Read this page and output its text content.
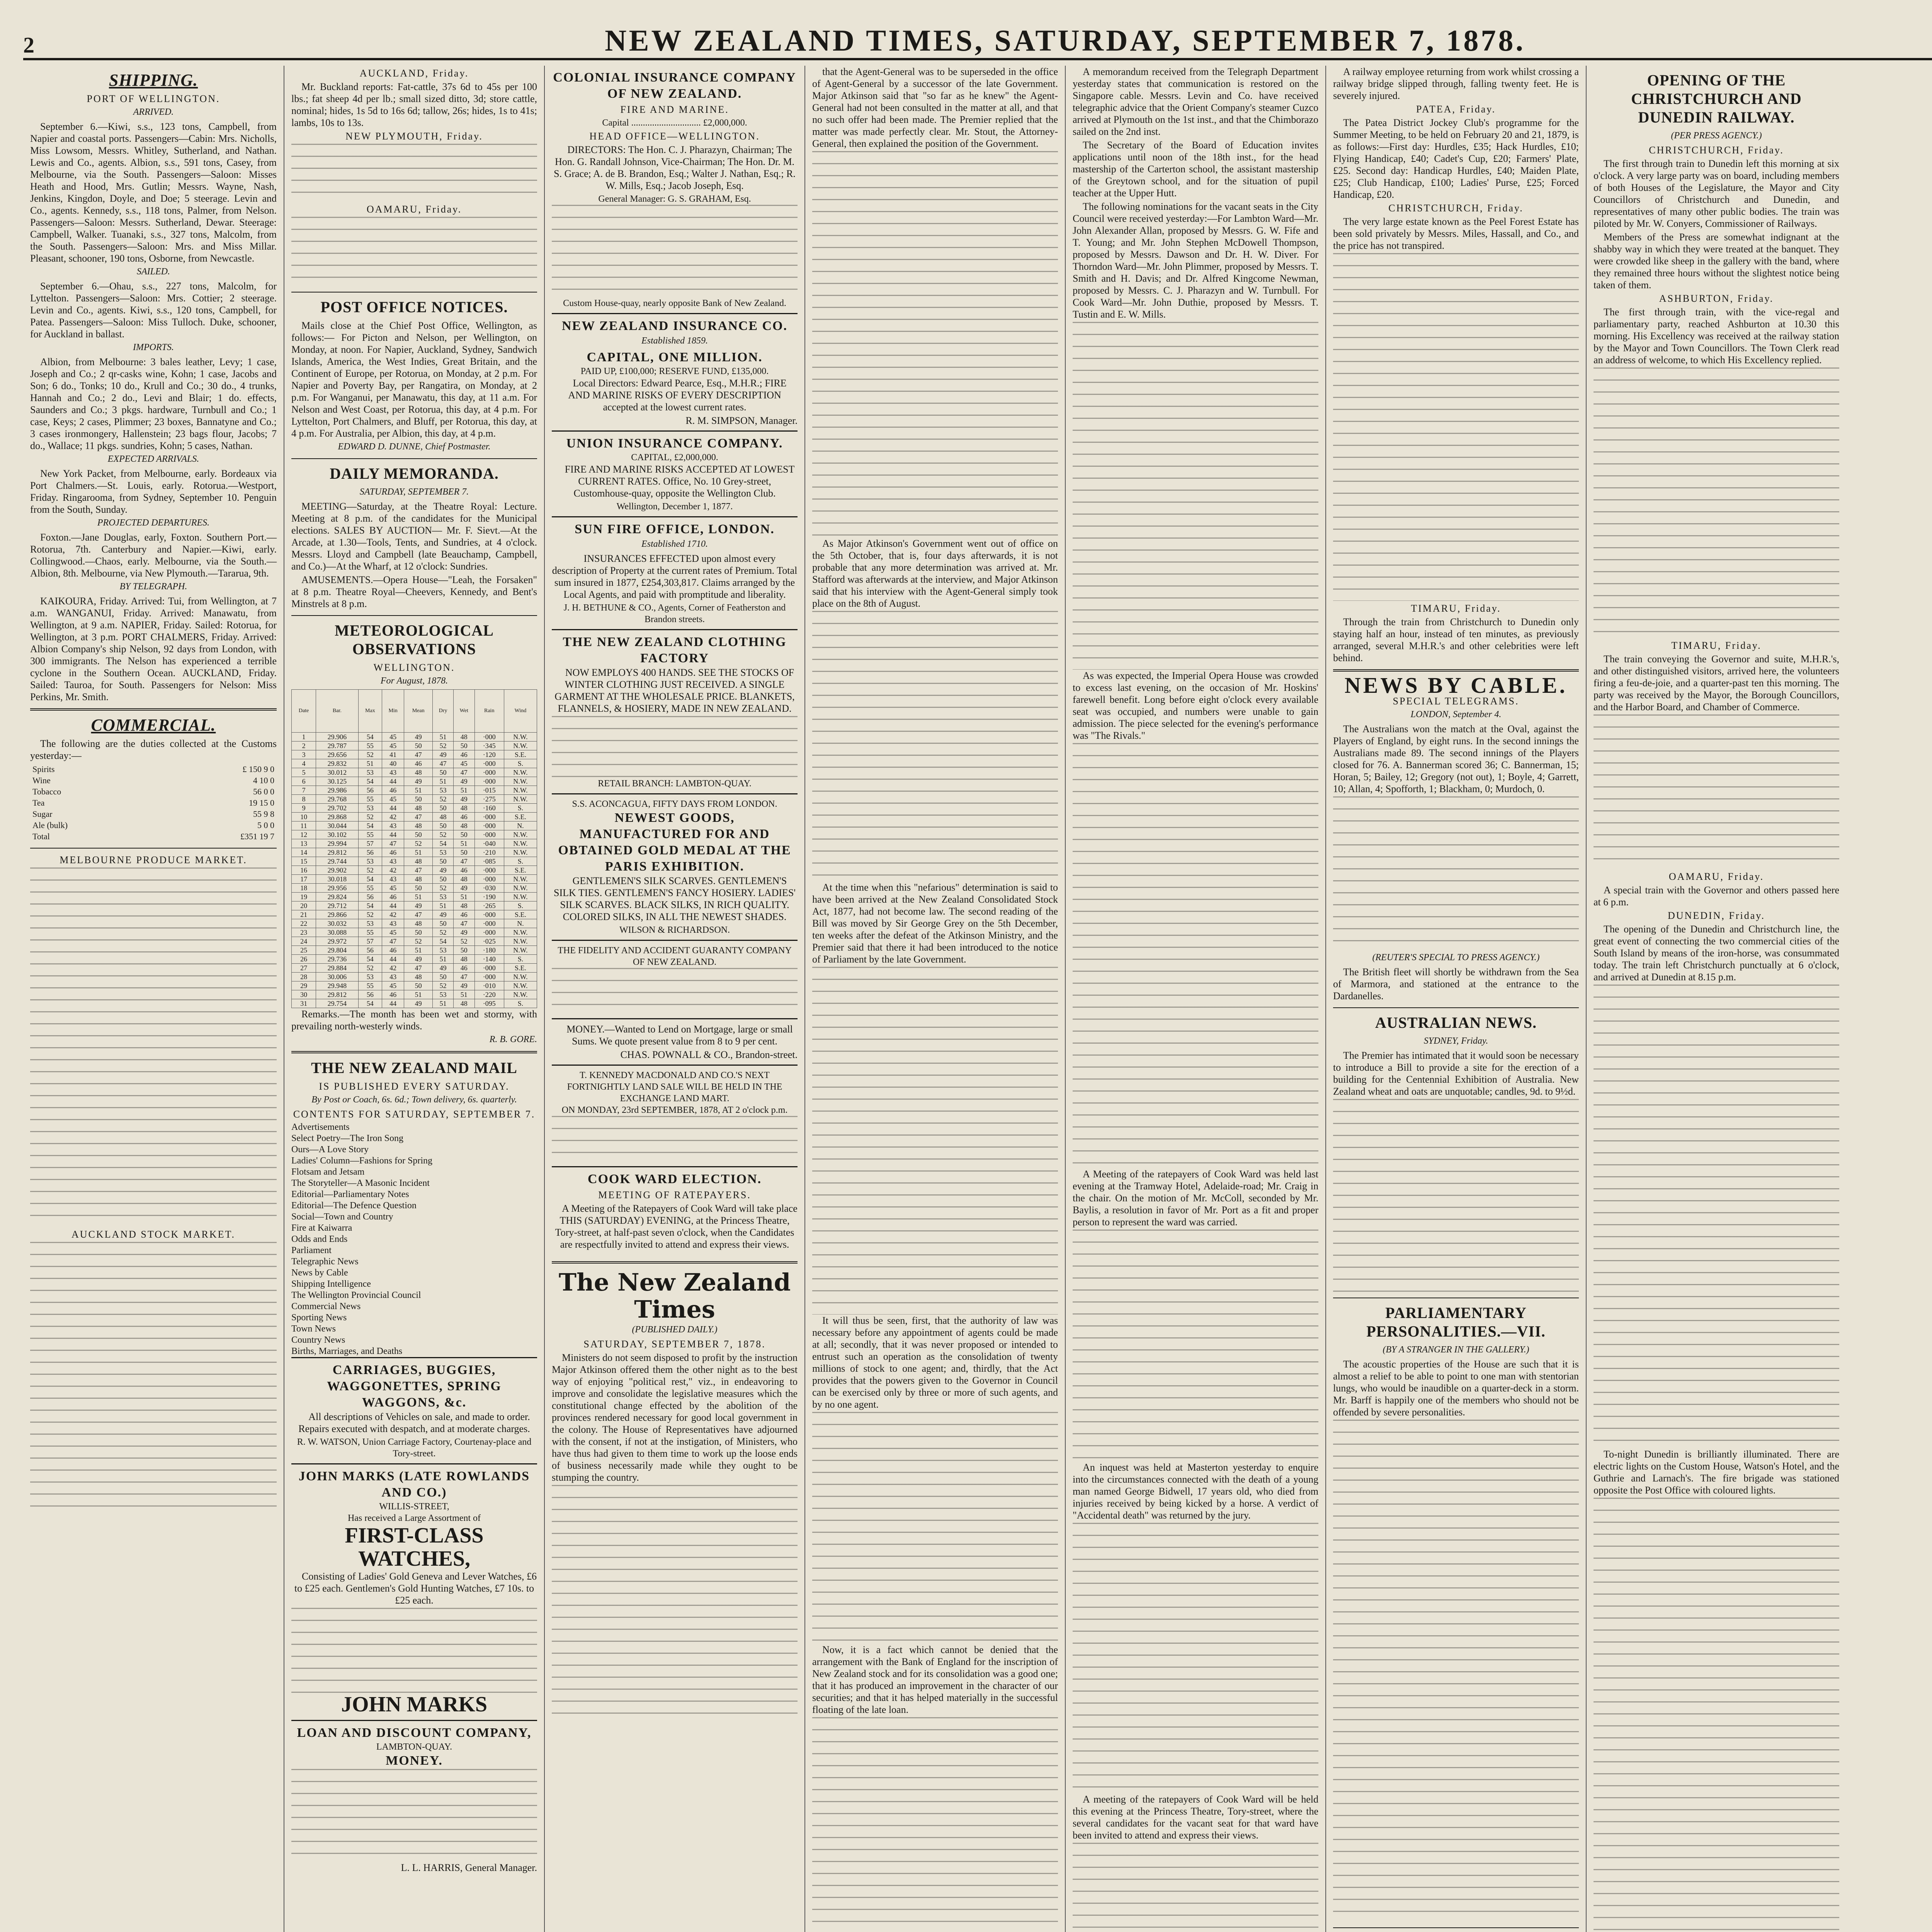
2	NEW ZEALAND TIMES, SATURDAY, SEPTEMBER 7, 1878.
SHIPPING.
PORT OF WELLINGTON.
ARRIVED.

September 6.—Kiwi, s.s., 123 tons, Campbell, from Napier and coastal ports. Passengers—Cabin: Mrs. Nicholls, Miss Lowsom, Messrs. Whitley, Sutherland, and Nathan. Lewis and Co., agents. Albion, s.s., 591 tons, Casey, from Melbourne, via the South. Passengers—Saloon: Misses Heath and Hood, Mrs. Gutlin; Messrs. Wayne, Nash, Jenkins, Kingdon, Doyle, and Doe; 5 steerage. Levin and Co., agents. Kennedy, s.s., 118 tons, Palmer, from Nelson. Passengers—Saloon: Messrs. Sutherland, Dewar. Steerage: Campbell, Walker. Tuanaki, s.s., 327 tons, Malcolm, from the South. Passengers—Saloon: Mrs. and Miss Millar. Pleasant, schooner, 190 tons, Osborne, from Newcastle.

SAILED.

September 6.—Ohau, s.s., 227 tons, Malcolm, for Lyttelton. Passengers—Saloon: Mrs. Cottier; 2 steerage. Levin and Co., agents. Kiwi, s.s., 120 tons, Campbell, for Patea. Passengers—Saloon: Miss Tulloch. Duke, schooner, for Auckland in ballast.

IMPORTS.

Albion, from Melbourne: 3 bales leather, Levy; 1 case, Joseph and Co.; 2 qr-casks wine, Kohn; 1 case, Jacobs and Son; 6 do., Tonks; 10 do., Krull and Co.; 30 do., 4 trunks, Hannah and Co.; 2 do., Levi and Blair; 1 do. effects, Saunders and Co.; 3 pkgs. hardware, Turnbull and Co.; 1 case, Keys; 2 cases, Plimmer; 23 boxes, Bannatyne and Co.; 3 cases ironmongery, Hallenstein; 23 bags flour, Jacobs; 7 do., Wallace; 11 pkgs. sundries, Kohn; 5 cases, Nathan.

EXPECTED ARRIVALS.

New York Packet, from Melbourne, early. Bordeaux via Port Chalmers.—St. Louis, early. Rotorua.—Westport, Friday. Ringarooma, from Sydney, September 10. Penguin from the South, Sunday.

PROJECTED DEPARTURES.

Foxton.—Jane Douglas, early, Foxton. Southern Port.—Rotorua, 7th. Canterbury and Napier.—Kiwi, early. Collingwood.—Chaos, early. Melbourne, via the South.—Albion, 8th. Melbourne, via New Plymouth.—Tararua, 9th.

BY TELEGRAPH.

KAIKOURA, Friday. Arrived: Tui, from Wellington, at 7 a.m. WANGANUI, Friday. Arrived: Manawatu, from Wellington, at 9 a.m. NAPIER, Friday. Sailed: Rotorua, for Wellington, at 3 p.m. PORT CHALMERS, Friday. Arrived: Albion Company's ship Nelson, 92 days from London, with 300 immigrants. The Nelson has experienced a terrible cyclone in the Southern Ocean. AUCKLAND, Friday. Sailed: Tauroa, for South. Passengers for Nelson: Miss Perkins, Mr. Smith.

COMMERCIAL.

The following are the duties collected at the Customs yesterday:—

Spirits	£ 150 9 0
Wine	4 10 0
Tobacco	56 0 0
Tea	19 15 0
Sugar	55 9 8
Ale (bulk)	5 0 0
Total	£351 19 7
MELBOURNE PRODUCE MARKET.
AUCKLAND STOCK MARKET.
AUCKLAND, Friday.

Mr. Buckland reports: Fat-cattle, 37s 6d to 45s per 100 lbs.; fat sheep 4d per lb.; small sized ditto, 3d; store cattle, nominal; hides, 1s 5d to 16s 6d; tallow, 26s; hides, 1s to 41s; lambs, 10s to 13s.

NEW PLYMOUTH, Friday.
OAMARU, Friday.
POST OFFICE NOTICES.

Mails close at the Chief Post Office, Wellington, as follows:— For Picton and Nelson, per Wellington, on Monday, at noon. For Napier, Auckland, Sydney, Sandwich Islands, America, the West Indies, Great Britain, and the Continent of Europe, per Rotorua, on Monday, at 2 p.m. For Napier and Poverty Bay, per Rangatira, on Monday, at 2 p.m. For Wanganui, per Manawatu, this day, at 11 a.m. For Nelson and West Coast, per Rotorua, this day, at 4 p.m. For Lyttelton, Port Chalmers, and Bluff, per Rotorua, this day, at 4 p.m. For Australia, per Albion, this day, at 4 p.m.

EDWARD D. DUNNE, Chief Postmaster.
DAILY MEMORANDA.
SATURDAY, SEPTEMBER 7.

MEETING—Saturday, at the Theatre Royal: Lecture. Meeting at 8 p.m. of the candidates for the Municipal elections. SALES BY AUCTION— Mr. F. Sievt.—At the Arcade, at 1.30—Tools, Tents, and Sundries, at 4 o'clock. Messrs. Lloyd and Campbell (late Beauchamp, Campbell, and Co.)—At the Wharf, at 12 o'clock: Sundries.

AMUSEMENTS.—Opera House—"Leah, the Forsaken" at 8 p.m. Theatre Royal—Cheevers, Kennedy, and Bent's Minstrels at 8 p.m.

METEOROLOGICAL OBSERVATIONS
WELLINGTON.
For August, 1878.
Date	Bar.	Max	Min	Mean	Dry	Wet	Rain	Wind
1	29.906	54	45	49	51	48	·000	N.W.
2	29.787	55	45	50	52	50	·345	N.W.
3	29.656	52	41	47	49	46	·120	S.E.
4	29.832	51	40	46	47	45	·000	S.
5	30.012	53	43	48	50	47	·000	N.W.
6	30.125	54	44	49	51	49	·000	N.W.
7	29.986	56	46	51	53	51	·015	N.W.
8	29.768	55	45	50	52	49	·275	N.W.
9	29.702	53	44	48	50	48	·160	S.
10	29.868	52	42	47	48	46	·000	S.E.
11	30.044	54	43	48	50	48	·000	N.
12	30.102	55	44	50	52	50	·000	N.W.
13	29.994	57	47	52	54	51	·040	N.W.
14	29.812	56	46	51	53	50	·210	N.W.
15	29.744	53	43	48	50	47	·085	S.
16	29.902	52	42	47	49	46	·000	S.E.
17	30.018	54	43	48	50	48	·000	N.W.
18	29.956	55	45	50	52	49	·030	N.W.
19	29.824	56	46	51	53	51	·190	N.W.
20	29.712	54	44	49	51	48	·265	S.
21	29.866	52	42	47	49	46	·000	S.E.
22	30.032	53	43	48	50	47	·000	N.
23	30.088	55	45	50	52	49	·000	N.W.
24	29.972	57	47	52	54	52	·025	N.W.
25	29.804	56	46	51	53	50	·180	N.W.
26	29.736	54	44	49	51	48	·140	S.
27	29.884	52	42	47	49	46	·000	S.E.
28	30.006	53	43	48	50	47	·000	N.W.
29	29.948	55	45	50	52	49	·010	N.W.
30	29.812	56	46	51	53	51	·220	N.W.
31	29.754	54	44	49	51	48	·095	S.

Remarks.—The month has been wet and stormy, with prevailing north-westerly winds.

R. B. GORE.
THE NEW ZEALAND MAIL
IS PUBLISHED EVERY SATURDAY.
By Post or Coach, 6s. 6d.; Town delivery, 6s. quarterly.
CONTENTS FOR SATURDAY, SEPTEMBER 7.
Advertisements
Select Poetry—The Iron Song
Ours—A Love Story
Ladies' Column—Fashions for Spring
Flotsam and Jetsam
The Storyteller—A Masonic Incident
Editorial—Parliamentary Notes
Editorial—The Defence Question
Social—Town and Country
Fire at Kaiwarra
Odds and Ends
Parliament
Telegraphic News
News by Cable
Shipping Intelligence
The Wellington Provincial Council
Commercial News
Sporting News
Town News
Country News
Births, Marriages, and Deaths
CARRIAGES, BUGGIES, WAGGONETTES, SPRING WAGGONS, &c.

All descriptions of Vehicles on sale, and made to order. Repairs executed with despatch, and at moderate charges.

R. W. WATSON, Union Carriage Factory, Courtenay-place and Tory-street.
JOHN MARKS (LATE ROWLANDS AND CO.)
WILLIS-STREET,
Has received a Large Assortment of
FIRST-CLASS WATCHES,

Consisting of Ladies' Gold Geneva and Lever Watches, £6 to £25 each. Gentlemen's Gold Hunting Watches, £7 10s. to £25 each.

JOHN MARKS
LOAN AND DISCOUNT COMPANY,
LAMBTON-QUAY.
MONEY.
L. L. HARRIS, General Manager.
COLONIAL INSURANCE COMPANY OF NEW ZEALAND.
FIRE AND MARINE.
Capital .............................. £2,000,000.
HEAD OFFICE—WELLINGTON.

DIRECTORS: The Hon. C. J. Pharazyn, Chairman; The Hon. G. Randall Johnson, Vice-Chairman; The Hon. Dr. M. S. Grace; A. de B. Brandon, Esq.; Walter J. Nathan, Esq.; R. W. Mills, Esq.; Jacob Joseph, Esq.

General Manager: G. S. GRAHAM, Esq.
Custom House-quay, nearly opposite Bank of New Zealand.
NEW ZEALAND INSURANCE CO.
Established 1859.
CAPITAL, ONE MILLION.
PAID UP, £100,000; RESERVE FUND, £135,000.

Local Directors: Edward Pearce, Esq., M.H.R.; FIRE AND MARINE RISKS OF EVERY DESCRIPTION accepted at the lowest current rates.

R. M. SIMPSON, Manager.
UNION INSURANCE COMPANY.
CAPITAL, £2,000,000.

FIRE AND MARINE RISKS ACCEPTED AT LOWEST CURRENT RATES. Office, No. 10 Grey-street, Customhouse-quay, opposite the Wellington Club.

Wellington, December 1, 1877.
SUN FIRE OFFICE, LONDON.
Established 1710.

INSURANCES EFFECTED upon almost every description of Property at the current rates of Premium. Total sum insured in 1877, £254,303,817. Claims arranged by the Local Agents, and paid with promptitude and liberality.

J. H. BETHUNE & CO., Agents, Corner of Featherston and Brandon streets.
THE NEW ZEALAND CLOTHING FACTORY

NOW EMPLOYS 400 HANDS. SEE THE STOCKS OF WINTER CLOTHING JUST RECEIVED. A SINGLE GARMENT AT THE WHOLESALE PRICE. BLANKETS, FLANNELS, & HOSIERY, MADE IN NEW ZEALAND.

RETAIL BRANCH: LAMBTON-QUAY.
S.S. ACONCAGUA, FIFTY DAYS FROM LONDON.
NEWEST GOODS, MANUFACTURED FOR AND OBTAINED GOLD MEDAL AT THE PARIS EXHIBITION.

GENTLEMEN'S SILK SCARVES. GENTLEMEN'S SILK TIES. GENTLEMEN'S FANCY HOSIERY. LADIES' SILK SCARVES. BLACK SILKS, IN RICH QUALITY. COLORED SILKS, IN ALL THE NEWEST SHADES.

WILSON & RICHARDSON.
THE FIDELITY AND ACCIDENT GUARANTY COMPANY OF NEW ZEALAND.

MONEY.—Wanted to Lend on Mortgage, large or small Sums. We quote present value from 8 to 9 per cent.

CHAS. POWNALL & CO., Brandon-street.
T. KENNEDY MACDONALD AND CO.'S NEXT FORTNIGHTLY LAND SALE WILL BE HELD IN THE EXCHANGE LAND MART.
ON MONDAY, 23rd SEPTEMBER, 1878, AT 2 o'clock p.m.
COOK WARD ELECTION.
MEETING OF RATEPAYERS.

A Meeting of the Ratepayers of Cook Ward will take place THIS (SATURDAY) EVENING, at the Princess Theatre, Tory-street, at half-past seven o'clock, when the Candidates are respectfully invited to attend and express their views.

The New Zealand Times
(PUBLISHED DAILY.)
SATURDAY, SEPTEMBER 7, 1878.

Ministers do not seem disposed to profit by the instruction Major Atkinson offered them the other night as to the best way of enjoying "political rest," viz., in endeavoring to improve and consolidate the legislative measures which the constitutional change effected by the abolition of the provinces rendered necessary for good local government in the colony. The House of Representatives have adjourned with the consent, if not at the instigation, of Ministers, who have thus had given to them time to work up the loose ends of business necessarily made while they ought to be stumping the country.

that the Agent-General was to be superseded in the office of Agent-General by a successor of the late Government. Major Atkinson said that "so far as he knew" the Agent-General had not been consulted in the matter at all, and that no such offer had been made. The Premier replied that the matter was made perfectly clear. Mr. Stout, the Attorney-General, then explained the position of the Government.

As Major Atkinson's Government went out of office on the 5th October, that is, four days afterwards, it is not probable that any more determination was arrived at. Mr. Stafford was afterwards at the interview, and Major Atkinson said that his interview with the Agent-General simply took place on the 8th of August.

At the time when this "nefarious" determination is said to have been arrived at the New Zealand Consolidated Stock Act, 1877, had not become law. The second reading of the Bill was moved by Sir George Grey on the 5th December, ten weeks after the defeat of the Atkinson Ministry, and the Premier said that there it had been introduced to the notice of Parliament by the late Government.

It will thus be seen, first, that the authority of law was necessary before any appointment of agents could be made at all; secondly, that it was never proposed or intended to entrust such an operation as the consolidation of twenty millions of stock to one agent; and, thirdly, that the Act provides that the powers given to the Governor in Council can be exercised only by three or more of such agents, and by no one agent.

Now, it is a fact which cannot be denied that the arrangement with the Bank of England for the inscription of New Zealand stock and for its consolidation was a good one; that it has produced an improvement in the character of our securities; and that it has helped materially in the successful floating of the late loan.

A memorandum received from the Telegraph Department yesterday states that communication is restored on the Singapore cable. Messrs. Levin and Co. have received telegraphic advice that the Orient Company's steamer Cuzco arrived at Plymouth on the 1st inst., and that the Chimborazo sailed on the 2nd inst.

The Secretary of the Board of Education invites applications until noon of the 18th inst., for the head mastership of the Carterton school, the assistant mastership of the Greytown school, and for the situation of pupil teacher at the Upper Hutt.

The following nominations for the vacant seats in the City Council were received yesterday:—For Lambton Ward—Mr. John Alexander Allan, proposed by Messrs. G. W. Fife and T. Young; and Mr. John Stephen McDowell Thompson, proposed by Messrs. Dawson and Dr. H. W. Diver. For Thorndon Ward—Mr. John Plimmer, proposed by Messrs. T. Smith and H. Davis; and Dr. Alfred Kingcome Newman, proposed by Messrs. C. J. Pharazyn and W. Turnbull. For Cook Ward—Mr. John Duthie, proposed by Messrs. T. Tustin and E. W. Mills.

As was expected, the Imperial Opera House was crowded to excess last evening, on the occasion of Mr. Hoskins' farewell benefit. Long before eight o'clock every available seat was occupied, and numbers were unable to gain admission. The piece selected for the evening's performance was "The Rivals."

A Meeting of the ratepayers of Cook Ward was held last evening at the Tramway Hotel, Adelaide-road; Mr. Craig in the chair. On the motion of Mr. McColl, seconded by Mr. Baylis, a resolution in favor of Mr. Port as a fit and proper person to represent the ward was carried.

An inquest was held at Masterton yesterday to enquire into the circumstances connected with the death of a young man named George Bidwell, 17 years old, who died from injuries received by being kicked by a horse. A verdict of "Accidental death" was returned by the jury.

A meeting of the ratepayers of Cook Ward will be held this evening at the Princess Theatre, Tory-street, where the several candidates for the vacant seat for that ward have been invited to attend and express their views.

A railway employee returning from work whilst crossing a railway bridge slipped through, falling twenty feet. He is severely injured.

PATEA, Friday.

The Patea District Jockey Club's programme for the Summer Meeting, to be held on February 20 and 21, 1879, is as follows:—First day: Hurdles, £35; Hack Hurdles, £10; Flying Handicap, £40; Cadet's Cup, £20; Farmers' Plate, £25. Second day: Handicap Hurdles, £40; Maiden Plate, £25; Club Handicap, £100; Ladies' Purse, £25; Forced Handicap, £20.

CHRISTCHURCH, Friday.

The very large estate known as the Peel Forest Estate has been sold privately by Messrs. Miles, Hassall, and Co., and the price has not transpired.

TIMARU, Friday.

Through the train from Christchurch to Dunedin only staying half an hour, instead of ten minutes, as previously arranged, several M.H.R.'s and other celebrities were left behind.

NEWS BY CABLE.
SPECIAL TELEGRAMS.
LONDON, September 4.

The Australians won the match at the Oval, against the Players of England, by eight runs. In the second innings the Australians made 89. The second innings of the Players closed for 76. A. Bannerman scored 36; C. Bannerman, 15; Horan, 5; Bailey, 12; Gregory (not out), 1; Boyle, 4; Garrett, 10; Allan, 4; Spofforth, 1; Blackham, 0; Murdoch, 0.

(REUTER'S SPECIAL TO PRESS AGENCY.)

The British fleet will shortly be withdrawn from the Sea of Marmora, and stationed at the entrance to the Dardanelles.

AUSTRALIAN NEWS.
SYDNEY, Friday.

The Premier has intimated that it would soon be necessary to introduce a Bill to provide a site for the erection of a building for the Centennial Exhibition of Australia. New Zealand wheat and oats are unquotable; candles, 9d. to 9½d.

PARLIAMENTARY PERSONALITIES.—VII.
(BY A STRANGER IN THE GALLERY.)

The acoustic properties of the House are such that it is almost a relief to be able to point to one man with stentorian lungs, who would be inaudible on a quarter-deck in a storm. Mr. Barff is happily one of the members who should not be offended by severe personalities.

OPENING OF THE CHRISTCHURCH AND DUNEDIN RAILWAY.
(PER PRESS AGENCY.)
CHRISTCHURCH, Friday.

The first through train to Dunedin left this morning at six o'clock. A very large party was on board, including members of both Houses of the Legislature, the Mayor and City Councillors of Christchurch and Dunedin, and representatives of many other public bodies. The train was piloted by Mr. W. Conyers, Commissioner of Railways.

Members of the Press are somewhat indignant at the shabby way in which they were treated at the banquet. They were crowded like sheep in the gallery with the band, where they remained three hours without the slightest notice being taken of them.

ASHBURTON, Friday.

The first through train, with the vice-regal and parliamentary party, reached Ashburton at 10.30 this morning. His Excellency was received at the railway station by the Mayor and Town Councillors. The Town Clerk read an address of welcome, to which His Excellency replied.

TIMARU, Friday.

The train conveying the Governor and suite, M.H.R.'s, and other distinguished visitors, arrived here, the volunteers firing a feu-de-joie, and a quarter-past ten this morning. The party was received by the Mayor, the Borough Councillors, and the Harbor Board, and Chamber of Commerce.

OAMARU, Friday.

A special train with the Governor and others passed here at 6 p.m.

DUNEDIN, Friday.

The opening of the Dunedin and Christchurch line, the great event of connecting the two commercial cities of the South Island by means of the iron-horse, was consummated today. The train left Christchurch punctually at 6 o'clock, and arrived at Dunedin at 8.15 p.m.

To-night Dunedin is brilliantly illuminated. There are electric lights on the Custom House, Watson's Hotel, and the Guthrie and Larnach's. The fire brigade was stationed opposite the Post Office with coloured lights.
